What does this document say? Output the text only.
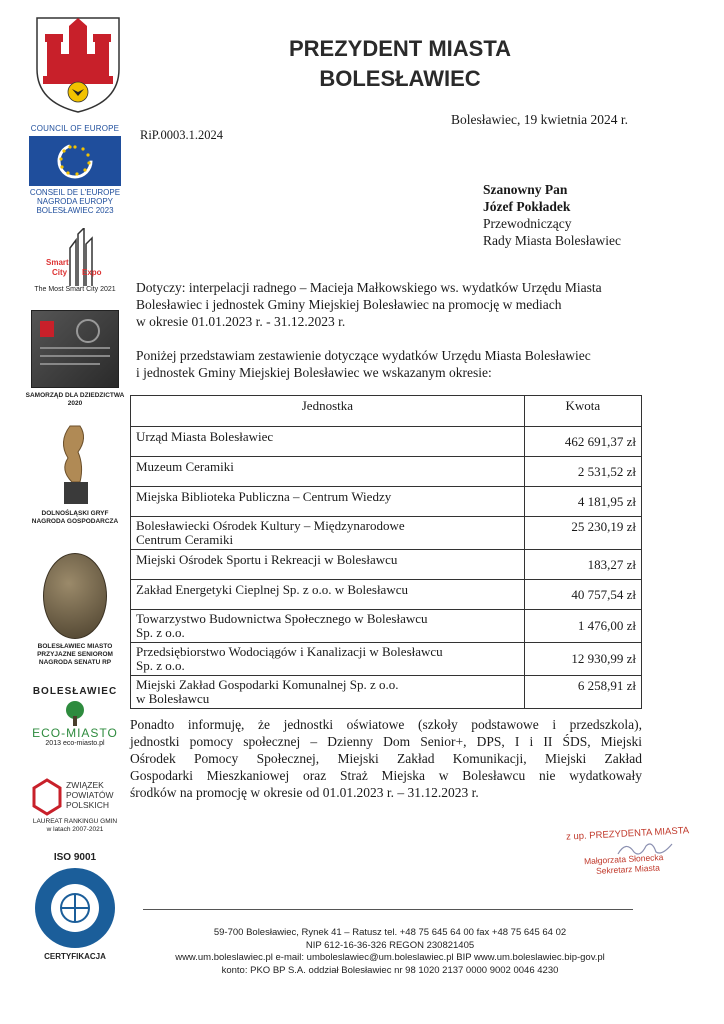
PREZYDENT MIASTA
BOLESŁAWIEC
COUNCIL OF EUROPE
CONSEIL DE L'EUROPE
NAGRODA EUROPY
BOLESŁAWIEC 2023
Smart
City Expo
The Most Smart City 2021
SAMORZĄD DLA DZIEDZICTWA
2020
DOLNOŚLĄSKI GRYF
NAGRODA GOSPODARCZA
BOLESŁAWIEC MIASTO
PRZYJAZNE SENIOROM
NAGRODA SENATU RP
BOLESŁAWIEC
ECO-MIASTO
2013 eco-miasto.pl
ZWIĄZEK
POWIATÓW
POLSKICH
LAUREAT RANKINGU GMIN
w latach 2007-2021
ISO 9001
CERTYFIKACJA
Bolesławiec, 19 kwietnia 2024 r.
RiP.0003.1.2024
Szanowny Pan
Józef Pokładek
Przewodniczący
Rady Miasta Bolesławiec
Dotyczy: interpelacji radnego – Macieja Małkowskiego ws. wydatków Urzędu Miasta
Bolesławiec i jednostek Gminy Miejskiej Bolesławiec na promocję w mediach
w okresie 01.01.2023 r. - 31.12.2023 r.
Poniżej przedstawiam zestawienie dotyczące wydatków Urzędu Miasta Bolesławiec
i jednostek Gminy Miejskiej Bolesławiec we wskazanym okresie:
Jednostka	Kwota

Urząd Miasta Bolesławiec	462 691,37 zł

Muzeum Ceramiki	2 531,52 zł

Miejska Biblioteka Publiczna – Centrum Wiedzy	4 181,95 zł

Bolesławiecki Ośrodek Kultury – Międzynarodowe
Centrum Ceramiki	25 230,19 zł

Miejski Ośrodek Sportu i Rekreacji w Bolesławcu	183,27 zł

Zakład Energetyki Cieplnej Sp. z o.o. w Bolesławcu	40 757,54 zł

Towarzystwo Budownictwa Społecznego w Bolesławcu
Sp. z o.o.	1 476,00 zł

Przedsiębiorstwo Wodociągów i Kanalizacji w Bolesławcu
Sp. z o.o.	12 930,99 zł

Miejski Zakład Gospodarki Komunalnej Sp. z o.o.
w Bolesławcu	6 258,91 zł
Ponadto informuję, że jednostki oświatowe (szkoły podstawowe i przedszkola),
jednostki pomocy społecznej – Dzienny Dom Senior+, DPS, I i II ŚDS, Miejski
Ośrodek Pomocy Społecznej, Miejski Zakład Komunikacji, Miejski Zakład
Gospodarki Mieszkaniowej oraz Straż Miejska w Bolesławcu nie wydatkowały
środków na promocję w okresie od 01.01.2023 r. – 31.12.2023 r.
z up. PREZYDENTA MIASTA
Małgorzata Słonecka
Sekretarz Miasta
59-700 Bolesławiec, Rynek 41 – Ratusz tel. +48 75 645 64 00 fax +48 75 645 64 02
NIP 612-16-36-326 REGON 230821405
www.um.boleslawiec.pl e-mail: umboleslawiec@um.boleslawiec.pl BIP www.um.boleslawiec.bip-gov.pl
konto: PKO BP S.A. oddział Bolesławiec nr 98 1020 2137 0000 9002 0046 4230
